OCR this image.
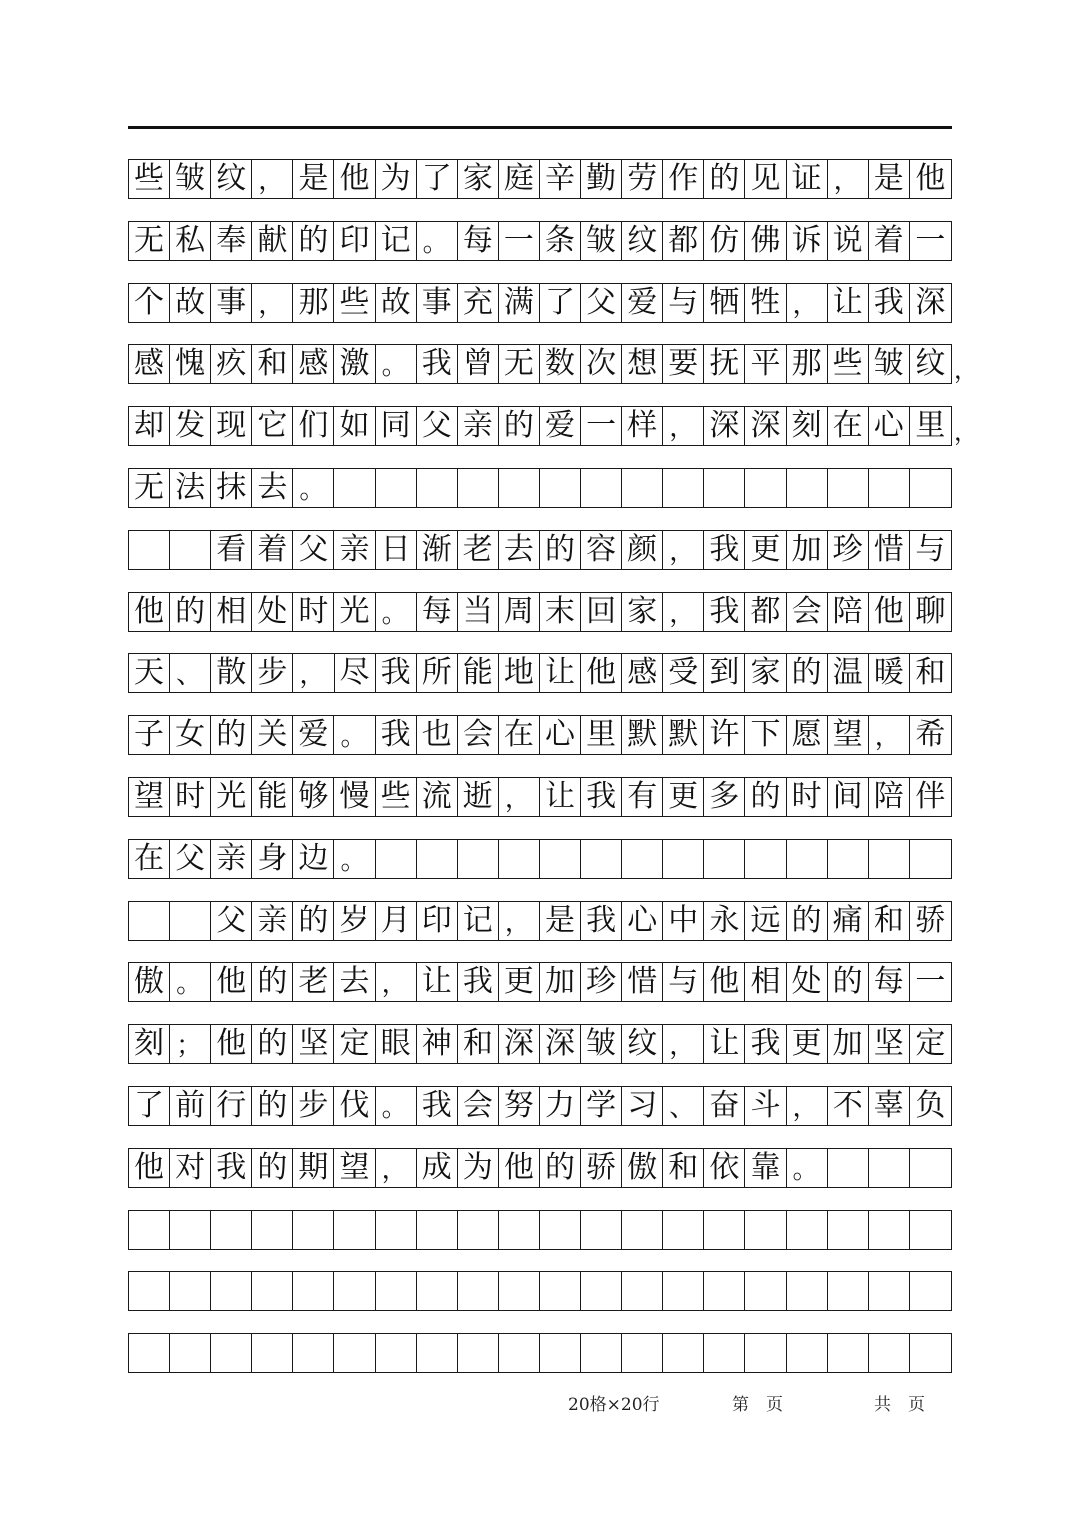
些 皱 纹 ， 是 他 为 了 家 庭 辛 勤 劳 作 的 见 证 ， 是 他
无 私 奉 献 的 印 记 。 每 一 条 皱 纹 都 仿 佛 诉 说 着 一
个 故 事 ， 那 些 故 事 充 满 了 父 爱 与 牺 牲 ， 让 我 深
感 愧 疚 和 感 激 。 我 曾 无 数 次 想 要 抚 平 那 些 皱 纹
却 发 现 它 们 如 同 父 亲 的 爱 一 样 ， 深 深 刻 在 心 里
无 法 抹 去 。
看 着 父 亲 日 渐 老 去 的 容 颜 ， 我 更 加 珍 惜 与
他 的 相 处 时 光 。 每 当 周 末 回 家 ， 我 都 会 陪 他 聊
天 、 散 步 ， 尽 我 所 能 地 让 他 感 受 到 家 的 温 暖 和
子 女 的 关 爱 。 我 也 会 在 心 里 默 默 许 下 愿 望 ， 希
望 时 光 能 够 慢 些 流 逝 ， 让 我 有 更 多 的 时 间 陪 伴
在 父 亲 身 边 。
父 亲 的 岁 月 印 记 ， 是 我 心 中 永 远 的 痛 和 骄
傲 。 他 的 老 去 ， 让 我 更 加 珍 惜 与 他 相 处 的 每 一
刻 ； 他 的 坚 定 眼 神 和 深 深 皱 纹 ， 让 我 更 加 坚 定
了 前 行 的 步 伐 。 我 会 努 力 学 习 、 奋 斗 ， 不 辜 负
他 对 我 的 期 望 ， 成 为 他 的 骄 傲 和 依 靠 。
，
，
20格×20行	第　页	共　页
